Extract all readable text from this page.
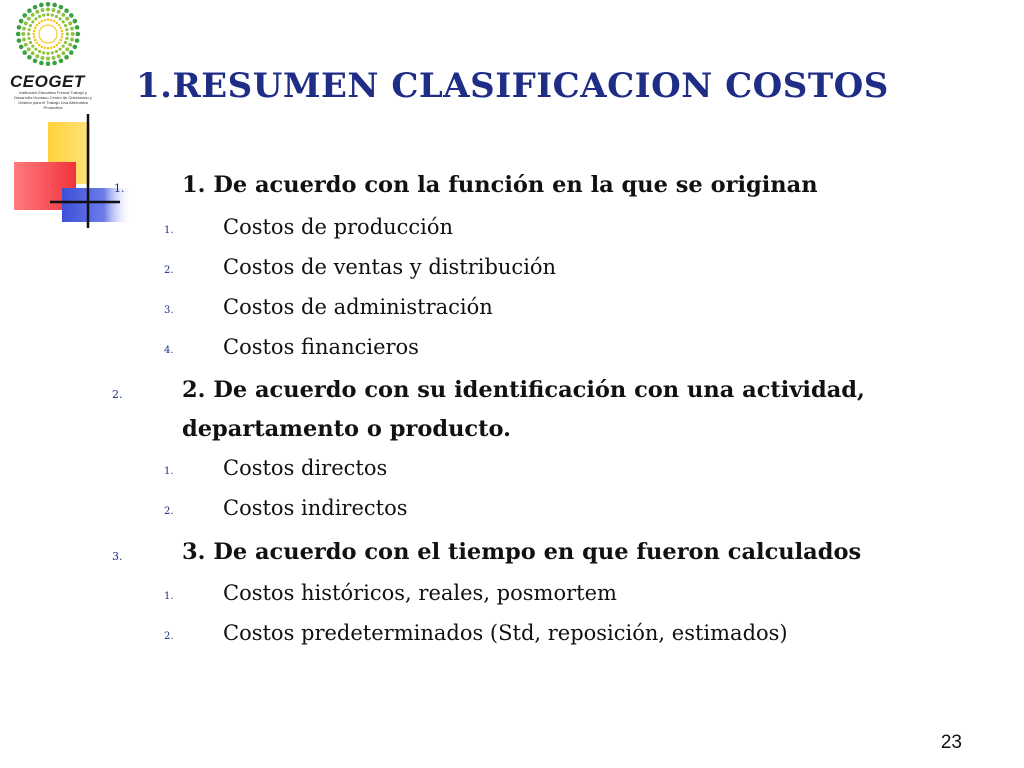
CEOGET
Institución Educativa Formal Trabajo y Desarrollo Humano Centro de Orientación y Gestión para el Trabajo Una Alternativa Productiva
1.RESUMEN CLASIFICACION COSTOS
1.	1. De acuerdo con la función en la que se originan
1. Costos de producción
2. Costos de ventas y distribución
3. Costos de administración
4. Costos financieros
2.	2. De acuerdo con su identificación con una actividad,
departamento o producto.
1. Costos directos
2. Costos indirectos
3.	3. De acuerdo con el tiempo en que fueron calculados
1. Costos históricos, reales, posmortem
2. Costos predeterminados (Std, reposición, estimados)
23
